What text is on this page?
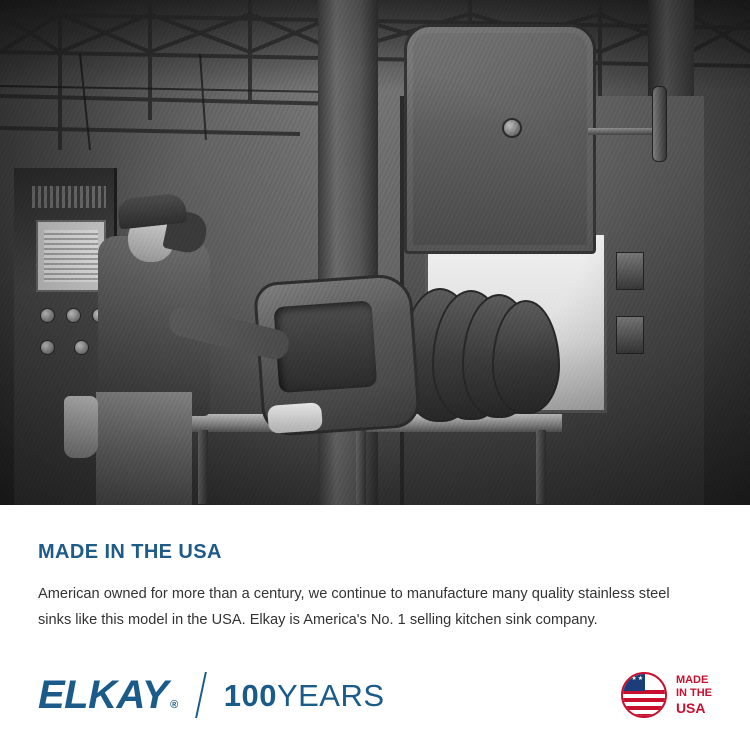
MADE IN THE USA

American owned for more than a century, we continue to manufacture many quality stainless steel sinks like this model in the USA. Elkay is America's No. 1 selling kitchen sink company.

ELKAY ® 100YEARS ★★★	MADE
IN THE
USA
